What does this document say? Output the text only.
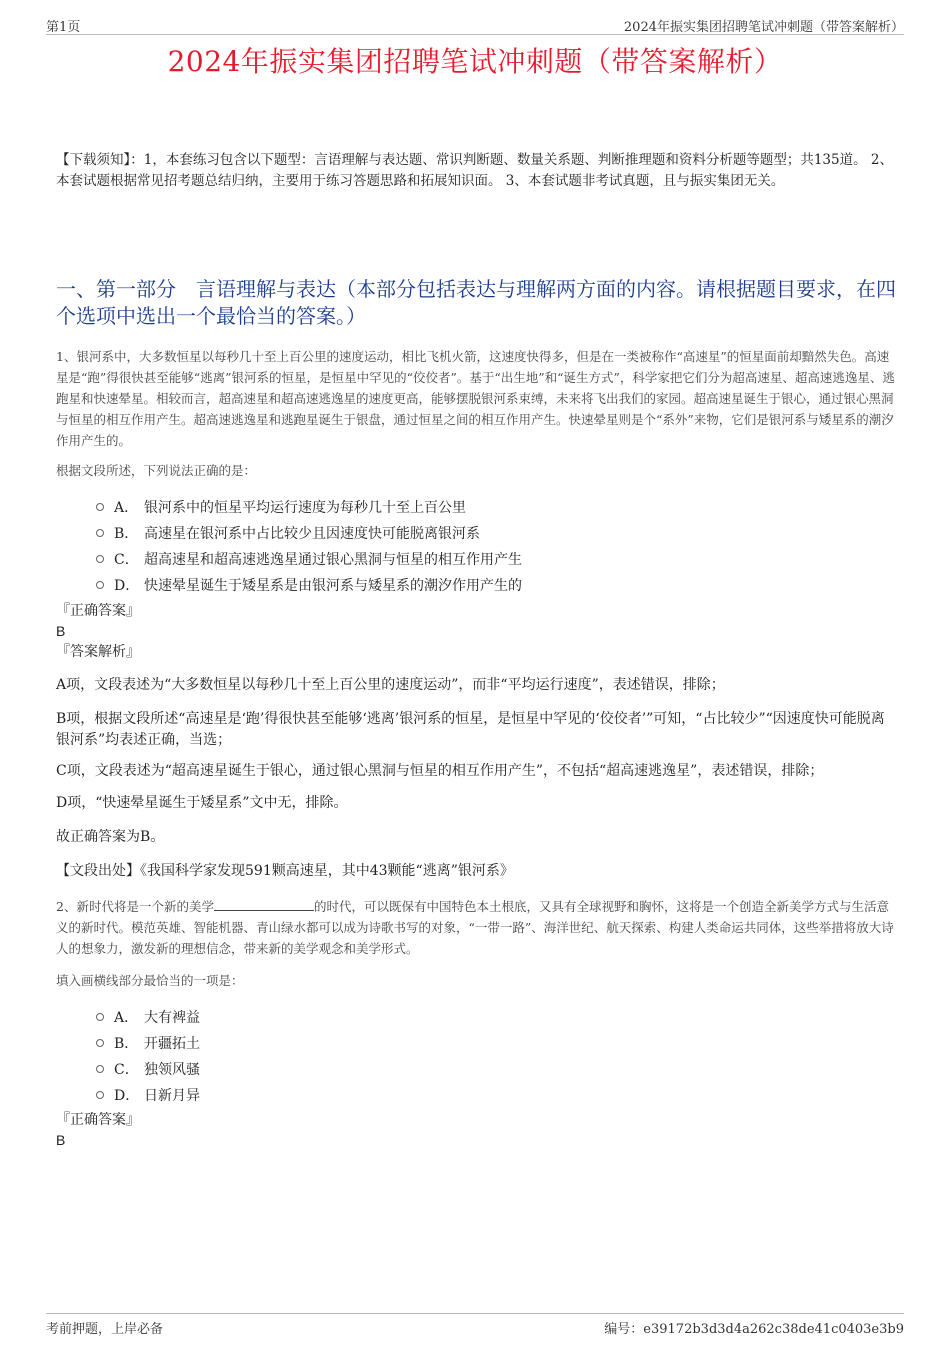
第1页	2024年振实集团招聘笔试冲刺题（带答案解析）
2024年振实集团招聘笔试冲刺题（带答案解析）
【下载须知】：1，本套练习包含以下题型：言语理解与表达题、常识判断题、数量关系题、判断推理题和资料分析题等题型；共135道。 2、本套试题根据常见招考题总结归纳，主要用于练习答题思路和拓展知识面。 3、本套试题非考试真题，且与振实集团无关。
一、第一部分　言语理解与表达（本部分包括表达与理解两方面的内容。请根据题目要求，在四个选项中选出一个最恰当的答案。）
1、银河系中，大多数恒星以每秒几十至上百公里的速度运动，相比飞机火箭，这速度快得多，但是在一类被称作“高速星”的恒星面前却黯然失色。高速星是“跑”得很快甚至能够“逃离”银河系的恒星，是恒星中罕见的“佼佼者”。基于“出生地”和“诞生方式”，科学家把它们分为超高速星、超高速逃逸星、逃跑星和快速晕星。相较而言，超高速星和超高速逃逸星的速度更高，能够摆脱银河系束缚，未来将飞出我们的家园。超高速星诞生于银心，通过银心黑洞与恒星的相互作用产生。超高速逃逸星和逃跑星诞生于银盘，通过恒星之间的相互作用产生。快速晕星则是个“系外”来物，它们是银河系与矮星系的潮汐作用产生的。
根据文段所述，下列说法正确的是：
A． 银河系中的恒星平均运行速度为每秒几十至上百公里
B． 高速星在银河系中占比较少且因速度快可能脱离银河系
C． 超高速星和超高速逃逸星通过银心黑洞与恒星的相互作用产生
D． 快速晕星诞生于矮星系是由银河系与矮星系的潮汐作用产生的
『正确答案』
B
『答案解析』
A项，文段表述为“大多数恒星以每秒几十至上百公里的速度运动”，而非“平均运行速度”，表述错误，排除；
B项，根据文段所述“高速星是‘跑’得很快甚至能够‘逃离’银河系的恒星，是恒星中罕见的‘佼佼者’”可知，“占比较少”“因速度快可能脱离银河系”均表述正确，当选；
C项，文段表述为“超高速星诞生于银心，通过银心黑洞与恒星的相互作用产生”，不包括“超高速逃逸星”，表述错误，排除；
D项，“快速晕星诞生于矮星系”文中无，排除。
故正确答案为B。
【文段出处】《我国科学家发现591颗高速星，其中43颗能“逃离”银河系》
2、新时代将是一个新的美学	的时代，可以既保有中国特色本土根底，又具有全球视野和胸怀，这将是一个创造全新美学方式与生活意义的新时代。模范英雄、智能机器、青山绿水都可以成为诗歌书写的对象，“一带一路”、海洋世纪、航天探索、构建人类命运共同体，这些举措将放大诗人的想象力，激发新的理想信念，带来新的美学观念和美学形式。
填入画横线部分最恰当的一项是：
A． 大有裨益
B． 开疆拓土
C． 独领风骚
D． 日新月异
『正确答案』
B
考前押题，上岸必备	编号：e39172b3d3d4a262c38de41c0403e3b9
